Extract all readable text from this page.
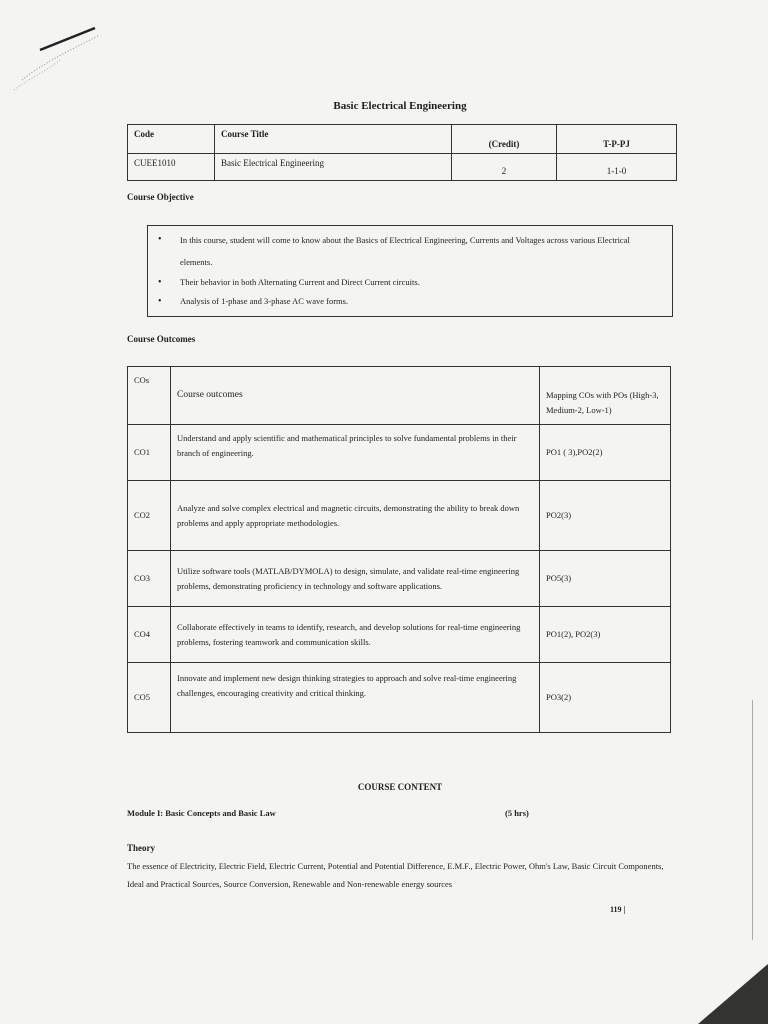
Basic Electrical Engineering
Code	Course Title	(Credit)	T-P-PJ
CUEE1010	Basic Electrical Engineering	2	1-1-0
Course Objective
• In this course, student will come to know about the Basics of Electrical Engineering, Currents and Voltages across various Electrical elements.
• Their behavior in both Alternating Current and Direct Current circuits.
• Analysis of 1-phase and 3-phase AC wave forms.
Course Outcomes
COs	Course outcomes	Mapping COs with POs (High-3, Medium-2, Low-1)
CO1	Understand and apply scientific and mathematical principles to solve fundamental problems in their branch of engineering.	PO1 ( 3),PO2(2)
CO2	Analyze and solve complex electrical and magnetic circuits, demonstrating the ability to break down problems and apply appropriate methodologies.	PO2(3)
CO3	Utilize software tools (MATLAB/DYMOLA) to design, simulate, and validate real-time engineering problems, demonstrating proficiency in technology and software applications.	PO5(3)
CO4	Collaborate effectively in teams to identify, research, and develop solutions for real-time engineering problems, fostering teamwork and communication skills.	PO1(2), PO2(3)
CO5	Innovate and implement new design thinking strategies to approach and solve real-time engineering challenges, encouraging creativity and critical thinking.	PO3(2)
COURSE CONTENT
Module I: Basic Concepts and Basic Law	(5 hrs)
Theory
The essence of Electricity, Electric Field, Electric Current, Potential and Potential Difference, E.M.F., Electric Power, Ohm's Law, Basic Circuit Components, Ideal and Practical Sources, Source Conversion, Renewable and Non-renewable energy sources
119 |
